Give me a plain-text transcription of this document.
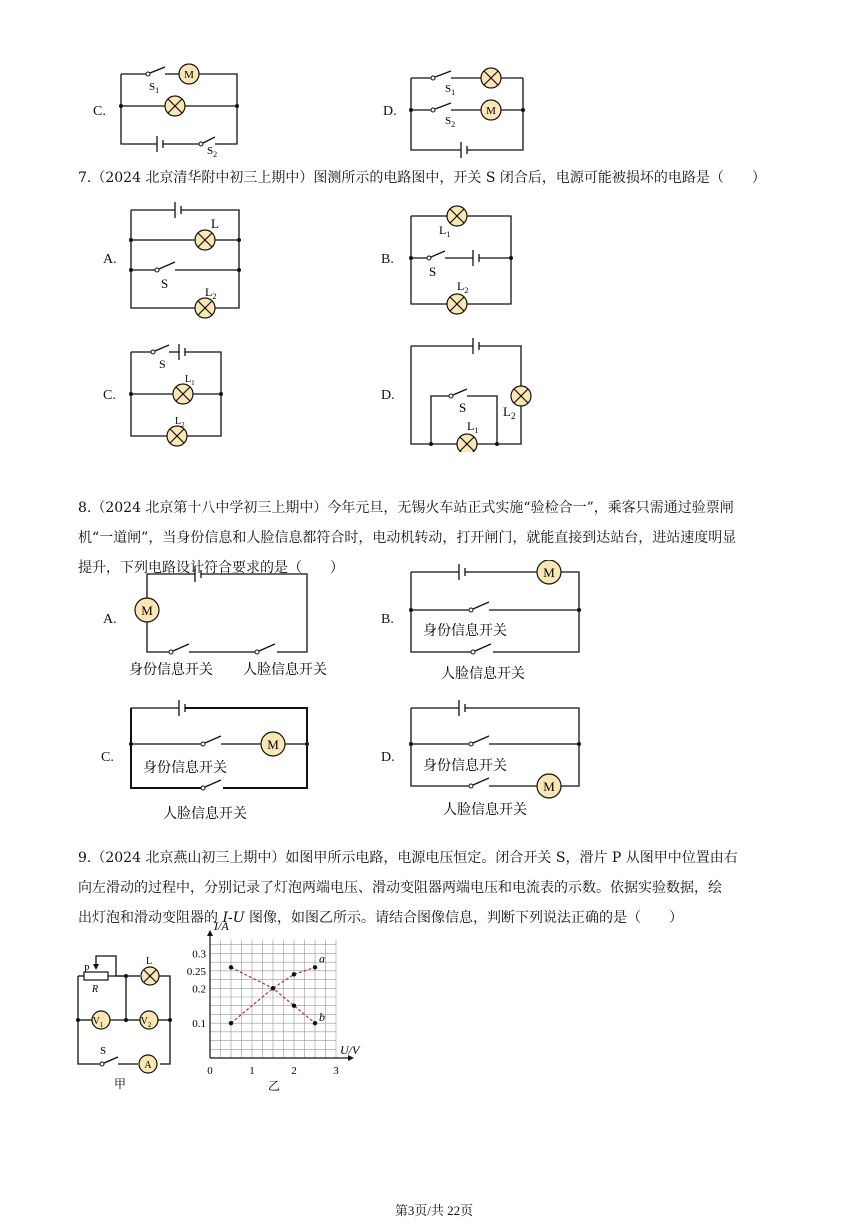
C.
M
$S_1$
$S_2$
D.	M
$S_1$
$S_2$
7.（2024 北京清华附中初三上期中）图测所示的电路图中，开关 S 闭合后，电源可能被损坏的电路是（　　）
A.
L
S
$L_2$
B.
$L_1$
S
$L_2$
C.
S
$L_1$
$L_2$
D.
S
$L_1$
$L_2$
8.（2024 北京第十八中学初三上期中）今年元旦，无锡火车站正式实施“验检合一”，乘客只需通过验票闸
机“一道闸”，当身份信息和人脸信息都符合时，电动机转动，打开闸门，就能直接到达站台，进站速度明显
提升，下列电路设计符合要求的是（　　）
A.
M
身份信息开关 人脸信息开关
B.
M
身份信息开关
人脸信息开关
C.
M
身份信息开关
人脸信息开关
D.
M
身份信息开关
人脸信息开关
9.（2024 北京燕山初三上期中）如图甲所示电路，电源电压恒定。闭合开关 S，滑片 P 从图甲中位置由右
向左滑动的过程中，分别记录了灯泡两端电压、滑动变阻器两端电压和电流表的示数。依据实验数据，绘
出灯泡和滑动变阻器的 I-U 图像，如图乙所示。请结合图像信息，判断下列说法正确的是（　　）
A
$V_1$	$V_2$
P
R
L
S
甲
0	1	2	3
0.1
0.2
0.25
0.3	a
b
I/A
U/V
乙
第3页/共 22页
